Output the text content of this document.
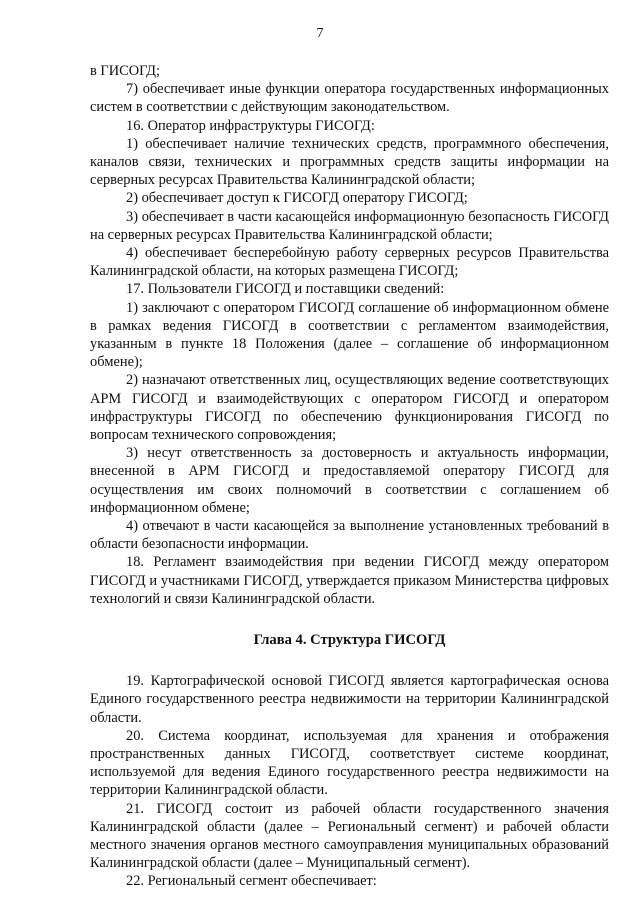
7

в ГИСОГД;

7) обеспечивает иные функции оператора государственных информационных систем в соответствии с действующим законодательством.

16. Оператор инфраструктуры ГИСОГД:

1) обеспечивает наличие технических средств, программного обеспечения, каналов связи, технических и программных средств защиты информации на серверных ресурсах Правительства Калининградской области;

2) обеспечивает доступ к ГИСОГД оператору ГИСОГД;

3) обеспечивает в части касающейся информационную безопасность ГИСОГД на серверных ресурсах Правительства Калининградской области;

4) обеспечивает бесперебойную работу серверных ресурсов Правительства Калининградской области, на которых размещена ГИСОГД;

17. Пользователи ГИСОГД и поставщики сведений:

1) заключают с оператором ГИСОГД соглашение об информационном обмене в рамках ведения ГИСОГД в соответствии с регламентом взаимодействия, указанным в пункте 18 Положения (далее – соглашение об информационном обмене);

2) назначают ответственных лиц, осуществляющих ведение соответствующих АРМ ГИСОГД и взаимодействующих с оператором ГИСОГД и оператором инфраструктуры ГИСОГД по обеспечению функционирования ГИСОГД по вопросам технического сопровождения;

3) несут ответственность за достоверность и актуальность информации, внесенной в АРМ ГИСОГД и предоставляемой оператору ГИСОГД для осуществления им своих полномочий в соответствии с соглашением об информационном обмене;

4) отвечают в части касающейся за выполнение установленных требований в области безопасности информации.

18. Регламент взаимодействия при ведении ГИСОГД между оператором ГИСОГД и участниками ГИСОГД, утверждается приказом Министерства цифровых технологий и связи Калининградской области.

Глава 4. Структура ГИСОГД

19. Картографической основой ГИСОГД является картографическая основа Единого государственного реестра недвижимости на территории Калининградской области.

20. Система координат, используемая для хранения и отображения пространственных данных ГИСОГД, соответствует системе координат, используемой для ведения Единого государственного реестра недвижимости на территории Калининградской области.

21. ГИСОГД состоит из рабочей области государственного значения Калининградской области (далее – Региональный сегмент) и рабочей области местного значения органов местного самоуправления муниципальных образований Калининградской области (далее – Муниципальный сегмент).

22. Региональный сегмент обеспечивает:
